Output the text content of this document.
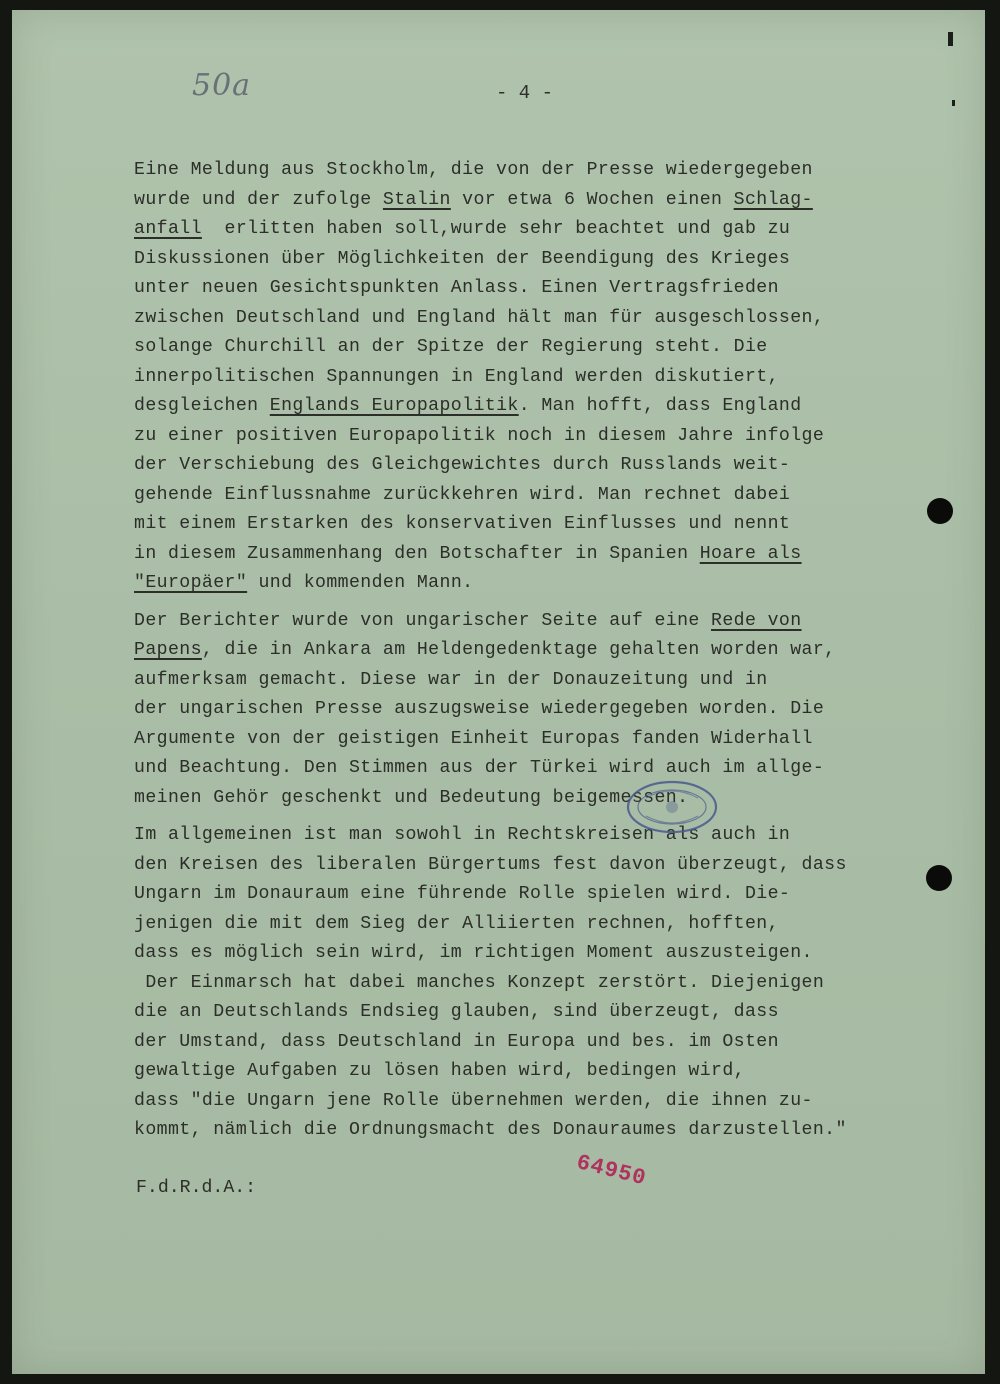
50a	- 4 -
Eine Meldung aus Stockholm, die von der Presse wiedergegeben
wurde und der zufolge Stalin vor etwa 6 Wochen einen Schlag-
anfall  erlitten haben soll,wurde sehr beachtet und gab zu
Diskussionen über Möglichkeiten der Beendigung des Krieges
unter neuen Gesichtspunkten Anlass. Einen Vertragsfrieden
zwischen Deutschland und England hält man für ausgeschlossen,
solange Churchill an der Spitze der Regierung steht. Die
innerpolitischen Spannungen in England werden diskutiert,
desgleichen Englands Europapolitik. Man hofft, dass England
zu einer positiven Europapolitik noch in diesem Jahre infolge
der Verschiebung des Gleichgewichtes durch Russlands weit-
gehende Einflussnahme zurückkehren wird. Man rechnet dabei
mit einem Erstarken des konservativen Einflusses und nennt
in diesem Zusammenhang den Botschafter in Spanien Hoare als
"Europäer" und kommenden Mann.
Der Berichter wurde von ungarischer Seite auf eine Rede von
Papens, die in Ankara am Heldengedenktage gehalten worden war,
aufmerksam gemacht. Diese war in der Donauzeitung und in
der ungarischen Presse auszugsweise wiedergegeben worden. Die
Argumente von der geistigen Einheit Europas fanden Widerhall
und Beachtung. Den Stimmen aus der Türkei wird auch im allge-
meinen Gehör geschenkt und Bedeutung beigemessen.
Im allgemeinen ist man sowohl in Rechtskreisen als auch in
den Kreisen des liberalen Bürgertums fest davon überzeugt, dass
Ungarn im Donauraum eine führende Rolle spielen wird. Die-
jenigen die mit dem Sieg der Alliierten rechnen, hofften,
dass es möglich sein wird, im richtigen Moment auszusteigen.
Der Einmarsch hat dabei manches Konzept zerstört. Diejenigen
die an Deutschlands Endsieg glauben, sind überzeugt, dass
der Umstand, dass Deutschland in Europa und bes. im Osten
gewaltige Aufgaben zu lösen haben wird, bedingen wird,
dass "die Ungarn jene Rolle übernehmen werden, die ihnen zu-
kommt, nämlich die Ordnungsmacht des Donauraumes darzustellen."
F.d.R.d.A.:	64950
